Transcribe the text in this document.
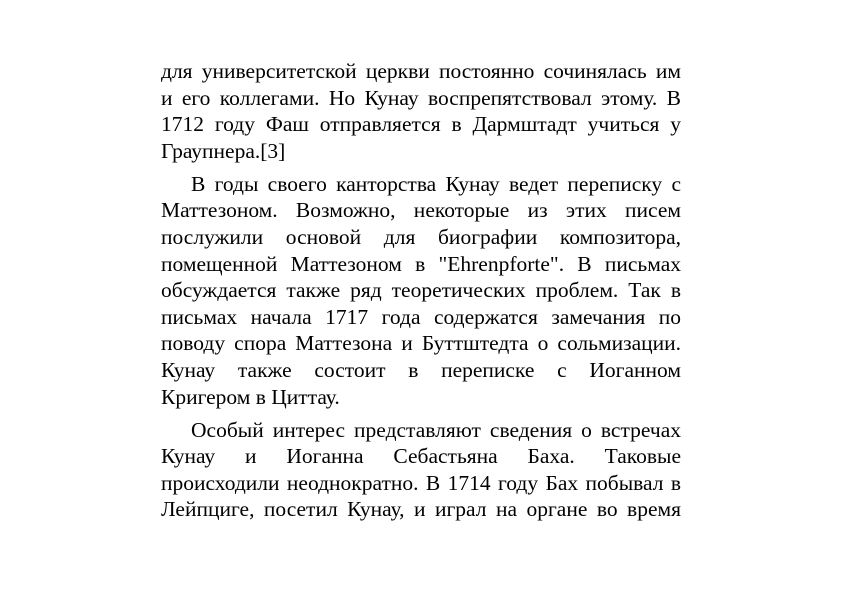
для университетской церкви постоянно сочинялась им
и его коллегами. Но Кунау воспрепятствовал этому. В
1712 году Фаш отправляется в Дармштадт учиться у
Граупнера.[3]
В годы своего канторства Кунау ведет переписку с
Маттезоном. Возможно, некоторые из этих писем
послужили основой для биографии композитора,
помещенной Маттезоном в "Ehrenpforte". В письмах
обсуждается также ряд теоретических проблем. Так в
письмах начала 1717 года содержатся замечания по
поводу спора Маттезона и Буттштедта о сольмизации.
Кунау также состоит в переписке с Иоганном
Кригером в Циттау.
Особый интерес представляют сведения о встречах
Кунау и Иоганна Себастьяна Баха. Таковые
происходили неоднократно. В 1714 году Бах побывал в
Лейпциге, посетил Кунау, и играл на органе во время
